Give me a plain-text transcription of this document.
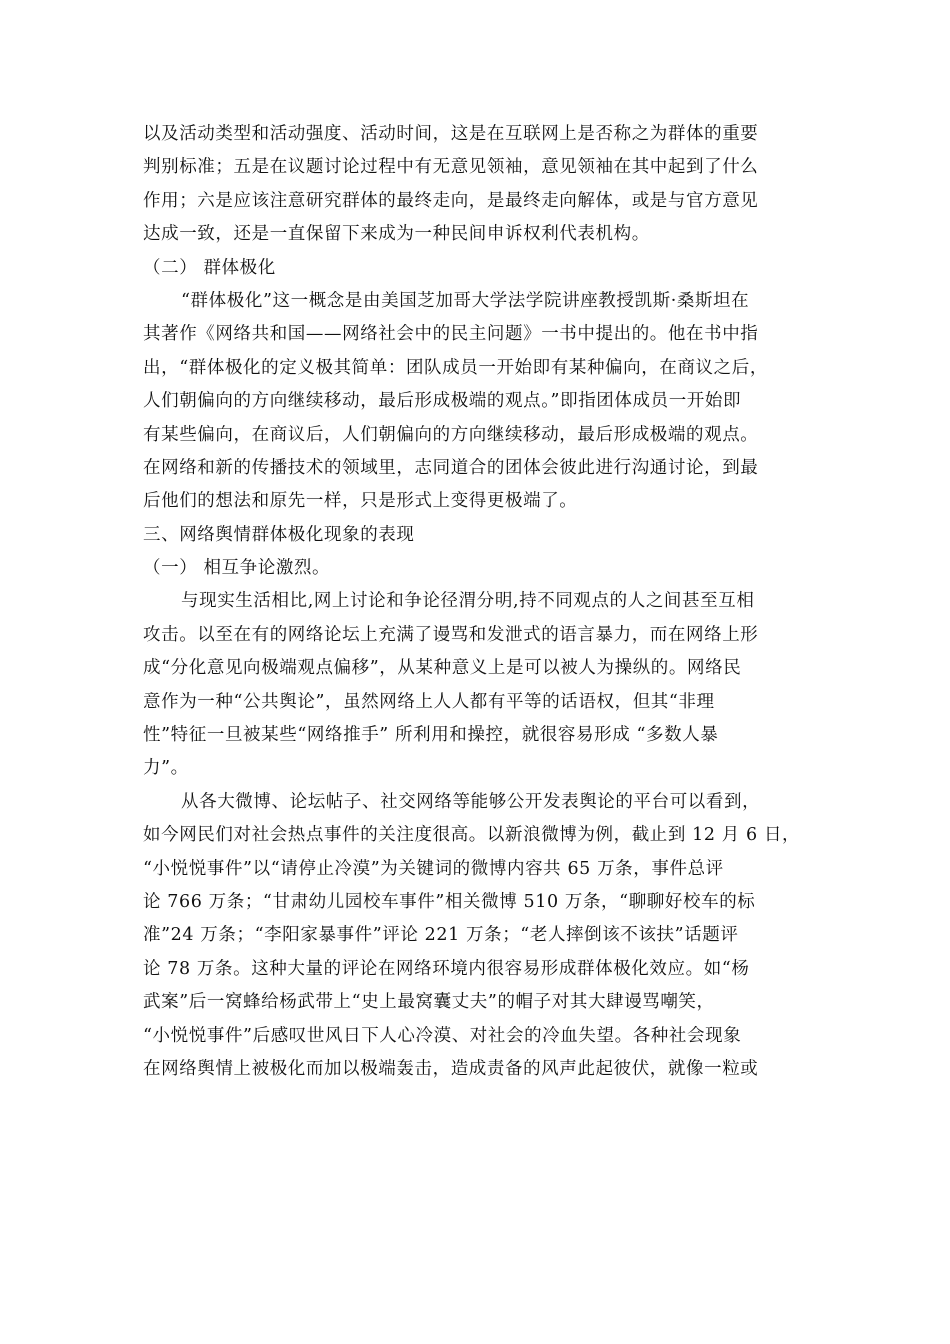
以及活动类型和活动强度、活动时间，这是在互联网上是否称之为群体的重要
判别标准；五是在议题讨论过程中有无意见领袖，意见领袖在其中起到了什么
作用；六是应该注意研究群体的最终走向，是最终走向解体，或是与官方意见
达成一致，还是一直保留下来成为一种民间申诉权利代表机构。
（二） 群体极化
“群体极化”这一概念是由美国芝加哥大学法学院讲座教授凯斯·桑斯坦在
其著作《网络共和国——网络社会中的民主问题》一书中提出的。他在书中指
出，“群体极化的定义极其简单：团队成员一开始即有某种偏向，在商议之后，
人们朝偏向的方向继续移动，最后形成极端的观点。”即指团体成员一开始即
有某些偏向，在商议后，人们朝偏向的方向继续移动，最后形成极端的观点。
在网络和新的传播技术的领域里，志同道合的团体会彼此进行沟通讨论，到最
后他们的想法和原先一样，只是形式上变得更极端了。
三、网络舆情群体极化现象的表现
（一） 相互争论激烈。
与现实生活相比,网上讨论和争论径渭分明,持不同观点的人之间甚至互相
攻击。以至在有的网络论坛上充满了谩骂和发泄式的语言暴力，而在网络上形
成“分化意见向极端观点偏移”，从某种意义上是可以被人为操纵的。网络民
意作为一种“公共舆论”，虽然网络上人人都有平等的话语权，但其“非理
性”特征一旦被某些“网络推手” 所利用和操控，就很容易形成 “多数人暴
力”。
从各大微博、论坛帖子、社交网络等能够公开发表舆论的平台可以看到，
如今网民们对社会热点事件的关注度很高。以新浪微博为例，截止到 12 月 6 日，
“小悦悦事件”以“请停止冷漠”为关键词的微博内容共 65 万条，事件总评
论 766 万条；“甘肃幼儿园校车事件”相关微博 510 万条，“聊聊好校车的标
准”24 万条；“李阳家暴事件”评论 221 万条；“老人摔倒该不该扶”话题评
论 78 万条。这种大量的评论在网络环境内很容易形成群体极化效应。如“杨
武案”后一窝蜂给杨武带上“史上最窝囊丈夫”的帽子对其大肆谩骂嘲笑，
“小悦悦事件”后感叹世风日下人心冷漠、对社会的冷血失望。各种社会现象
在网络舆情上被极化而加以极端轰击，造成责备的风声此起彼伏，就像一粒或
